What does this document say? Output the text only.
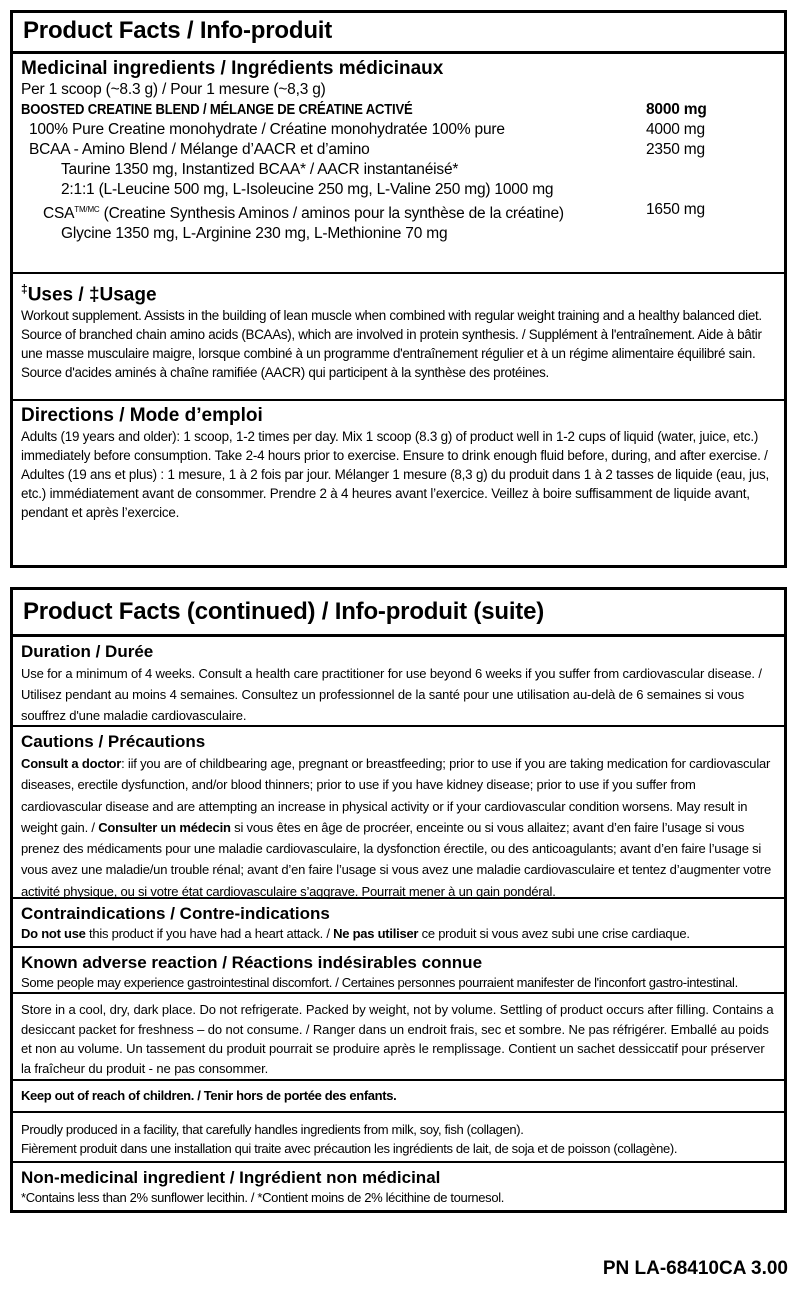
Product Facts / Info-produit
Medicinal ingredients / Ingrédients médicinaux
Per 1 scoop (~8.3 g) / Pour 1 mesure (~8,3 g)
BOOSTED CREATINE BLEND / MÉLANGE DE CRÉATINE ACTIVÉ	8000 mg
100% Pure Creatine monohydrate / Créatine monohydratée 100% pure	4000 mg
BCAA - Amino Blend / Mélange d’AACR et d’amino	2350 mg
Taurine 1350 mg, Instantized BCAA* / AACR instantanéisé*
2:1:1 (L-Leucine 500 mg, L-Isoleucine 250 mg, L-Valine 250 mg) 1000 mg
$CSA^{TM/MC}$ (Creatine Synthesis Aminos / aminos pour la synthèse de la créatine)	1650 mg
Glycine 1350 mg, L-Arginine 230 mg, L-Methionine 70 mg
‡Uses / ‡Usage
Workout supplement. Assists in the building of lean muscle when combined with regular weight training and a healthy balanced diet. Source of branched chain amino acids (BCAAs), which are involved in protein synthesis. / Supplément à l'entraînement. Aide à bâtir une masse musculaire maigre, lorsque combiné à un programme d'entraînement régulier et à un régime alimentaire équilibré sain. Source d'acides aminés à chaîne ramifiée (AACR) qui participent à la synthèse des protéines.
Directions / Mode d’emploi
Adults (19 years and older): 1 scoop, 1-2 times per day. Mix 1 scoop (8.3 g) of product well in 1-2 cups of liquid (water, juice, etc.) immediately before consumption. Take 2-4 hours prior to exercise. Ensure to drink enough fluid before, during, and after exercise. / Adultes (19 ans et plus) : 1 mesure, 1 à 2 fois par jour. Mélanger 1 mesure (8,3 g) du produit dans 1 à 2 tasses de liquide (eau, jus, etc.) immédiatement avant de consommer. Prendre 2 à 4 heures avant l’exercice. Veillez à boire suffisamment de liquide avant, pendant et après l’exercice.
Product Facts (continued) / Info-produit (suite)
Duration / Durée
Use for a minimum of 4 weeks. Consult a health care practitioner for use beyond 6 weeks if you suffer from cardiovascular disease. / Utilisez pendant au moins 4 semaines. Consultez un professionnel de la santé pour une utilisation au-delà de 6 semaines si vous souffrez d'une maladie cardiovasculaire.
Cautions / Précautions
Consult a doctor: iif you are of childbearing age, pregnant or breastfeeding; prior to use if you are taking medication for cardiovascular diseases, erectile dysfunction, and/or blood thinners; prior to use if you have kidney disease; prior to use if you suffer from cardiovascular disease and are attempting an increase in physical activity or if your cardiovascular condition worsens. May result in weight gain. / Consulter un médecin si vous êtes en âge de procréer, enceinte ou si vous allaitez; avant d’en faire l’usage si vous prenez des médicaments pour une maladie cardiovasculaire, la dysfonction érectile, ou des anticoagulants; avant d’en faire l’usage si vous avez une maladie/un trouble rénal; avant d’en faire l’usage si vous avez une maladie cardiovasculaire et tentez d’augmenter votre activité physique, ou si votre état cardiovasculaire s’aggrave. Pourrait mener à un gain pondéral.
Contraindications / Contre-indications
Do not use this product if you have had a heart attack. / Ne pas utiliser ce produit si vous avez subi une crise cardiaque.
Known adverse reaction / Réactions indésirables connue
Some people may experience gastrointestinal discomfort. / Certaines personnes pourraient manifester de l'inconfort gastro-intestinal.
Store in a cool, dry, dark place. Do not refrigerate. Packed by weight, not by volume. Settling of product occurs after filling. Contains a desiccant packet for freshness – do not consume. / Ranger dans un endroit frais, sec et sombre. Ne pas réfrigérer. Emballé au poids et non au volume. Un tassement du produit pourrait se produire après le remplissage. Contient un sachet dessiccatif pour préserver la fraîcheur du produit - ne pas consommer.
Keep out of reach of children. / Tenir hors de portée des enfants.
Proudly produced in a facility, that carefully handles ingredients from milk, soy, fish (collagen).
Fièrement produit dans une installation qui traite avec précaution les ingrédients de lait, de soja et de poisson (collagène).
Non-medicinal ingredient / Ingrédient non médicinal
*Contains less than 2% sunflower lecithin. / *Contient moins de 2% lécithine de tournesol.
PN LA-68410CA 3.00
